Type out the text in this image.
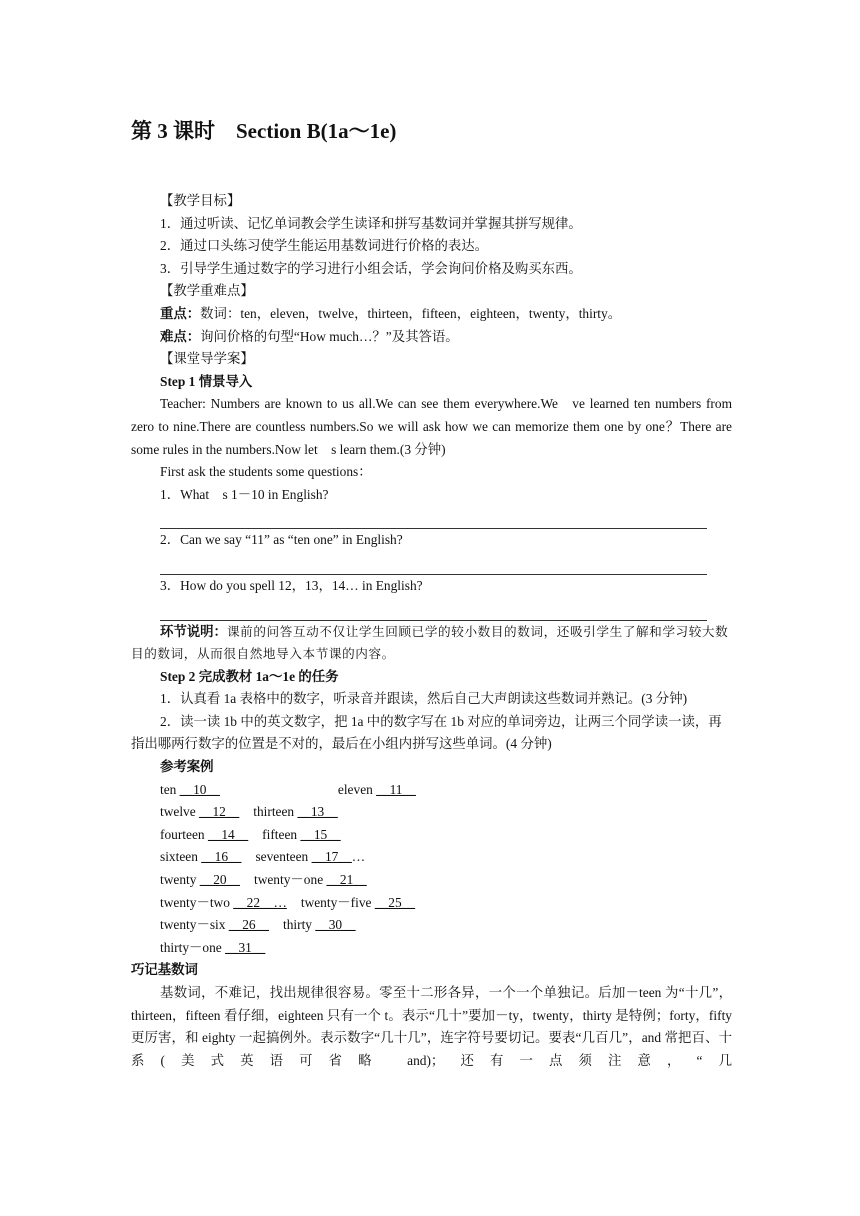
第 3 课时    Section B(1a～1e)

【教学目标】

1．通过听读、记忆单词教会学生读译和拼写基数词并掌握其拼写规律。

2．通过口头练习使学生能运用基数词进行价格的表达。

3．引导学生通过数字的学习进行小组会话，学会询问价格及购买东西。

【教学重难点】

重点：数词：ten，eleven，twelve，thirteen，fifteen，eighteen，twenty，thirty。

难点：询问价格的句型“How much…？”及其答语。

【课堂导学案】

Step 1 情景导入

Teacher: Numbers are known to us all.We can see them everywhere.We   ve learned ten numbers from zero to nine.There are countless numbers.So we will ask how we can memorize them one by one？There are some rules in the numbers.Now let    s learn them.(3 分钟)

First ask the students some questions：

1．What    s 1－10 in English?

2．Can we say “11” as “ten one” in English?

3．How do you spell 12，13，14… in English?

环节说明：课前的问答互动不仅让学生回顾已学的较小数目的数词，还吸引学生了解和学习较大数目的数词，从而很自然地导入本节课的内容。

Step 2 完成教材 1a～1e 的任务

1．认真看 1a 表格中的数字，听录音并跟读，然后自己大声朗读这些数词并熟记。(3 分钟)

2．读一读 1b 中的英文数字，把 1a 中的数字写在 1b 对应的单词旁边，让两三个同学读一读，再指出哪两行数字的位置是不对的，最后在小组内拼写这些单词。(4 分钟)

参考案例

ten __10__	eleven __11__
twelve __12__ thirteen __13__
fourteen __14__ fifteen __15__
sixteen __16__ seventeen __17__…
twenty __20__ twenty－one __21__
twenty－two __22__… twenty－five __25__
twenty－six __26__ thirty __30__
thirty－one __31__

巧记基数词

基数词，不难记，找出规律很容易。零至十二形各异，一个一个单独记。后加－teen 为“十几”，thirteen，fifteen 看仔细，eighteen 只有一个 t。表示“几十”要加－ty，twenty，thirty 是特例；forty，fifty 更厉害，和 eighty 一起搞例外。表示数字“几十几”，连字符号要切记。要表“几百几”，and 常把百、十系(美式英语可省略 and)；还有一点须注意，“几
